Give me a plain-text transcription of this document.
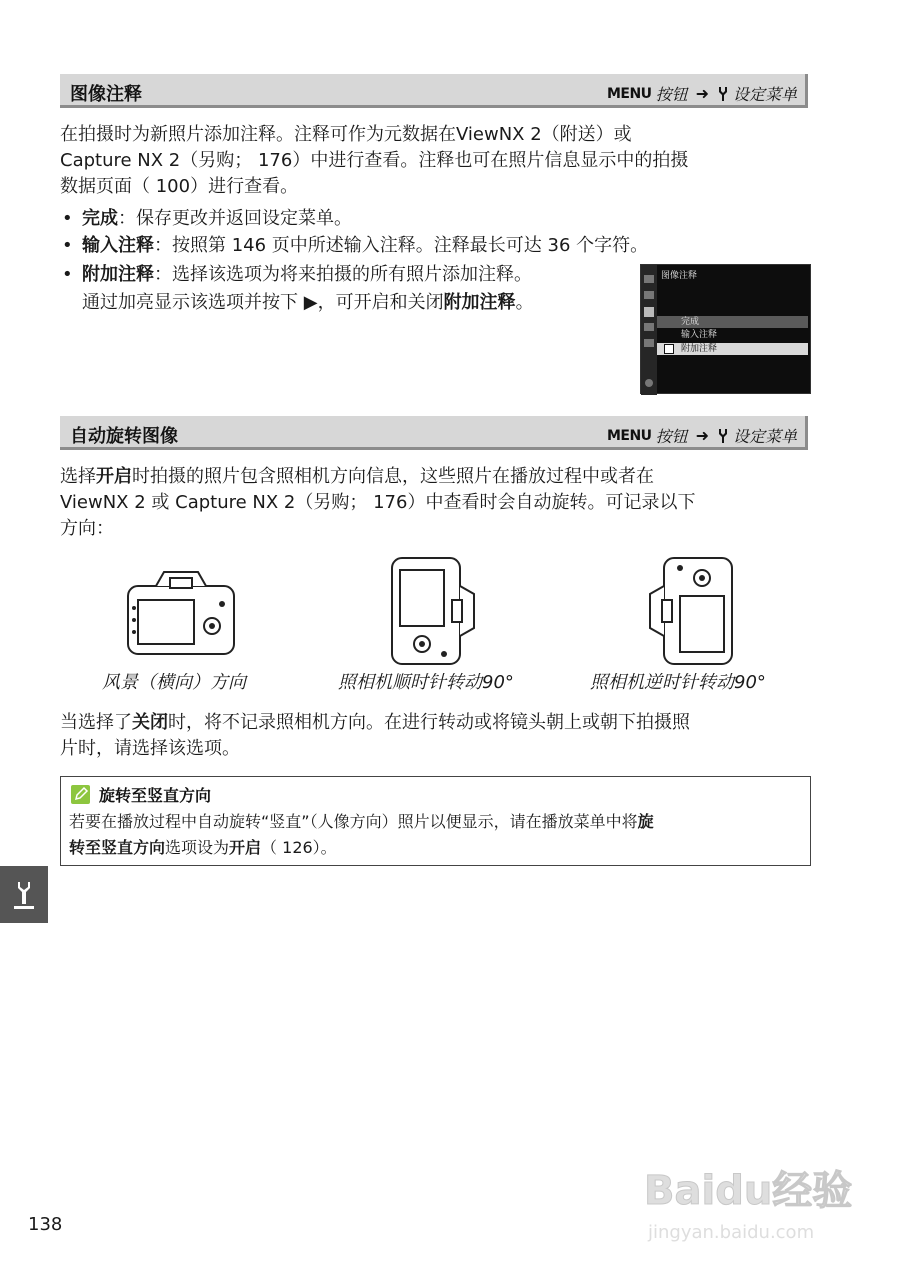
图像注释	MENU 按钮 ➜ 设定菜单

在拍摄时为新照片添加注释。注释可作为元数据在ViewNX 2（附送）或

Capture NX 2（另购； 176）中进行查看。注释也可在照片信息显示中的拍摄

数据页面（ 100）进行查看。

• 完成：保存更改并返回设定菜单。
• 输入注释：按照第 146 页中所述输入注释。注释最长可达 36 个字符。
• 附加注释：选择该选项为将来拍摄的所有照片添加注释。
通过加亮显示该选项并按下 ▶，可开启和关闭附加注释。
图像注释
完成
输入注释
附加注释
自动旋转图像	MENU 按钮 ➜ 设定菜单

选择开启时拍摄的照片包含照相机方向信息，这些照片在播放过程中或者在

ViewNX 2 或 Capture NX 2（另购； 176）中查看时会自动旋转。可记录以下

方向：

风景（横向）方向	照相机顺时针转动90°	照相机逆时针转动90°

当选择了关闭时，将不记录照相机方向。在进行转动或将镜头朝上或朝下拍摄照

片时，请选择该选项。

旋转至竖直方向
若要在播放过程中自动旋转“竖直”（人像方向）照片以便显示，请在播放菜单中将旋
转至竖直方向选项设为开启（ 126）。
138
Baidu经验
jingyan.baidu.com
